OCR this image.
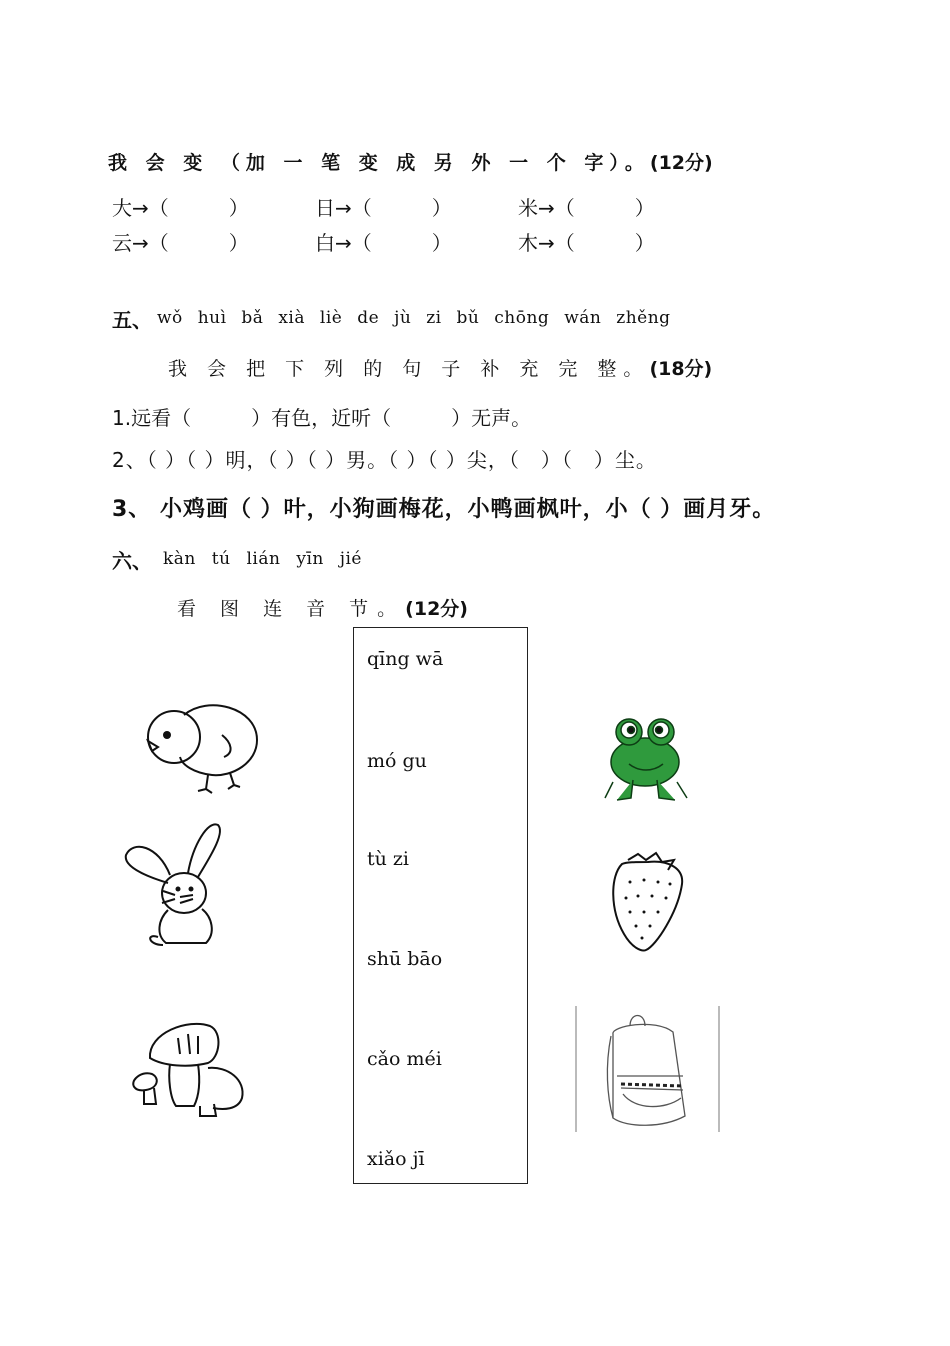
我 会 变 （加 一 笔 变 成 另 外 一 个 字）。(12分)
大→（　　　）	日→（　　　）	米→（　　　）
云→（　　　）	白→（　　　）	木→（　　　）
五、 wǒ huì bǎ xià liè de jù zi bǔ chōng wán zhěng
我 会 把 下 列 的 句 子 补 充 完 整。(18分)
1.远看（　　　）有色，近听（　　　）无声。
2、（ ）（ ）明，（ ）（ ）男。（ ）（ ）尖，（　）（　）尘。
3、 小鸡画（ ）叶，小狗画梅花，小鸭画枫叶，小（ ）画月牙。
六、 kàn tú lián yīn jié
看 图 连 音 节。(12分)
qīng wā
mó gu
tù zi
shū bāo
cǎo méi
xiǎo jī
